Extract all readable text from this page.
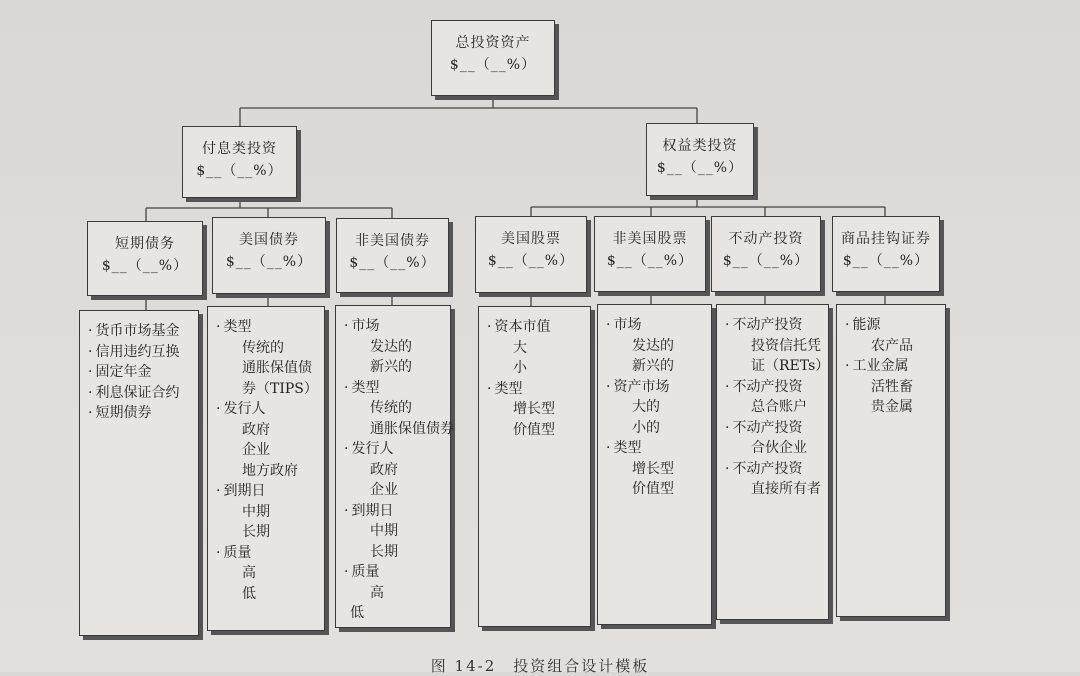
总投资资产
$__（__%）
付息类投资
$__（__%）
权益类投资
$__（__%）
短期债务
$__（__%）
美国债券
$__（__%）
非美国债券
$__（__%）
美国股票
$__（__%）
非美国股票
$__（__%）
不动产投资
$__（__%）
商品挂钩证券
$__（__%）
· 货币市场基金
· 信用违约互换
· 固定年金
· 利息保证合约
· 短期债券
· 类型
传统的
通胀保值债
券（TIPS）
· 发行人
政府
企业
地方政府
· 到期日
中期
长期
· 质量
高
低
· 市场
发达的
新兴的
· 类型
传统的
通胀保值债券
· 发行人
政府
企业
· 到期日
中期
长期
· 质量
高
低
· 资本市值
大
小
· 类型
增长型
价值型
· 市场
发达的
新兴的
· 资产市场
大的
小的
· 类型
增长型
价值型
· 不动产投资
投资信托凭
证（RETs）
· 不动产投资
总合账户
· 不动产投资
合伙企业
· 不动产投资
直接所有者
· 能源
农产品
· 工业金属
活牲畜
贵金属
图 14-2　投资组合设计模板
